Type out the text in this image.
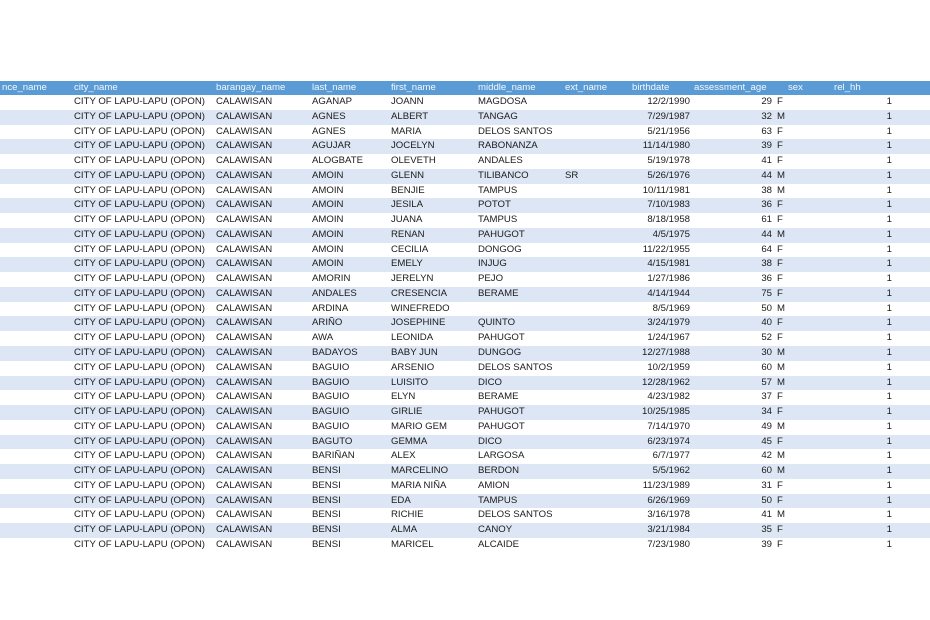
nce_name	city_name	barangay_name	last_name	first_name	middle_name	ext_name	birthdate	assessment_age	sex	rel_hh
	CITY OF LAPU-LAPU (OPON)	CALAWISAN	AGANAP	JOANN	MAGDOSA		12/2/1990	29	F	1
	CITY OF LAPU-LAPU (OPON)	CALAWISAN	AGNES	ALBERT	TANGAG		7/29/1987	32	M	1
	CITY OF LAPU-LAPU (OPON)	CALAWISAN	AGNES	MARIA	DELOS SANTOS		5/21/1956	63	F	1
	CITY OF LAPU-LAPU (OPON)	CALAWISAN	AGUJAR	JOCELYN	RABONANZA		11/14/1980	39	F	1
	CITY OF LAPU-LAPU (OPON)	CALAWISAN	ALOGBATE	OLEVETH	ANDALES		5/19/1978	41	F	1
	CITY OF LAPU-LAPU (OPON)	CALAWISAN	AMOIN	GLENN	TILIBANCO	SR	5/26/1976	44	M	1
	CITY OF LAPU-LAPU (OPON)	CALAWISAN	AMOIN	BENJIE	TAMPUS		10/11/1981	38	M	1
	CITY OF LAPU-LAPU (OPON)	CALAWISAN	AMOIN	JESILA	POTOT		7/10/1983	36	F	1
	CITY OF LAPU-LAPU (OPON)	CALAWISAN	AMOIN	JUANA	TAMPUS		8/18/1958	61	F	1
	CITY OF LAPU-LAPU (OPON)	CALAWISAN	AMOIN	RENAN	PAHUGOT		4/5/1975	44	M	1
	CITY OF LAPU-LAPU (OPON)	CALAWISAN	AMOIN	CECILIA	DONGOG		11/22/1955	64	F	1
	CITY OF LAPU-LAPU (OPON)	CALAWISAN	AMOIN	EMELY	INJUG		4/15/1981	38	F	1
	CITY OF LAPU-LAPU (OPON)	CALAWISAN	AMORIN	JERELYN	PEJO		1/27/1986	36	F	1
	CITY OF LAPU-LAPU (OPON)	CALAWISAN	ANDALES	CRESENCIA	BERAME		4/14/1944	75	F	1
	CITY OF LAPU-LAPU (OPON)	CALAWISAN	ARDINA	WINEFREDO			8/5/1969	50	M	1
	CITY OF LAPU-LAPU (OPON)	CALAWISAN	ARIÑO	JOSEPHINE	QUINTO		3/24/1979	40	F	1
	CITY OF LAPU-LAPU (OPON)	CALAWISAN	AWA	LEONIDA	PAHUGOT		1/24/1967	52	F	1
	CITY OF LAPU-LAPU (OPON)	CALAWISAN	BADAYOS	BABY JUN	DUNGOG		12/27/1988	30	M	1
	CITY OF LAPU-LAPU (OPON)	CALAWISAN	BAGUIO	ARSENIO	DELOS SANTOS		10/2/1959	60	M	1
	CITY OF LAPU-LAPU (OPON)	CALAWISAN	BAGUIO	LUISITO	DICO		12/28/1962	57	M	1
	CITY OF LAPU-LAPU (OPON)	CALAWISAN	BAGUIO	ELYN	BERAME		4/23/1982	37	F	1
	CITY OF LAPU-LAPU (OPON)	CALAWISAN	BAGUIO	GIRLIE	PAHUGOT		10/25/1985	34	F	1
	CITY OF LAPU-LAPU (OPON)	CALAWISAN	BAGUIO	MARIO GEM	PAHUGOT		7/14/1970	49	M	1
	CITY OF LAPU-LAPU (OPON)	CALAWISAN	BAGUTO	GEMMA	DICO		6/23/1974	45	F	1
	CITY OF LAPU-LAPU (OPON)	CALAWISAN	BARIÑAN	ALEX	LARGOSA		6/7/1977	42	M	1
	CITY OF LAPU-LAPU (OPON)	CALAWISAN	BENSI	MARCELINO	BERDON		5/5/1962	60	M	1
	CITY OF LAPU-LAPU (OPON)	CALAWISAN	BENSI	MARIA NIÑA	AMION		11/23/1989	31	F	1
	CITY OF LAPU-LAPU (OPON)	CALAWISAN	BENSI	EDA	TAMPUS		6/26/1969	50	F	1
	CITY OF LAPU-LAPU (OPON)	CALAWISAN	BENSI	RICHIE	DELOS SANTOS		3/16/1978	41	M	1
	CITY OF LAPU-LAPU (OPON)	CALAWISAN	BENSI	ALMA	CANOY		3/21/1984	35	F	1
	CITY OF LAPU-LAPU (OPON)	CALAWISAN	BENSI	MARICEL	ALCAIDE		7/23/1980	39	F	1
